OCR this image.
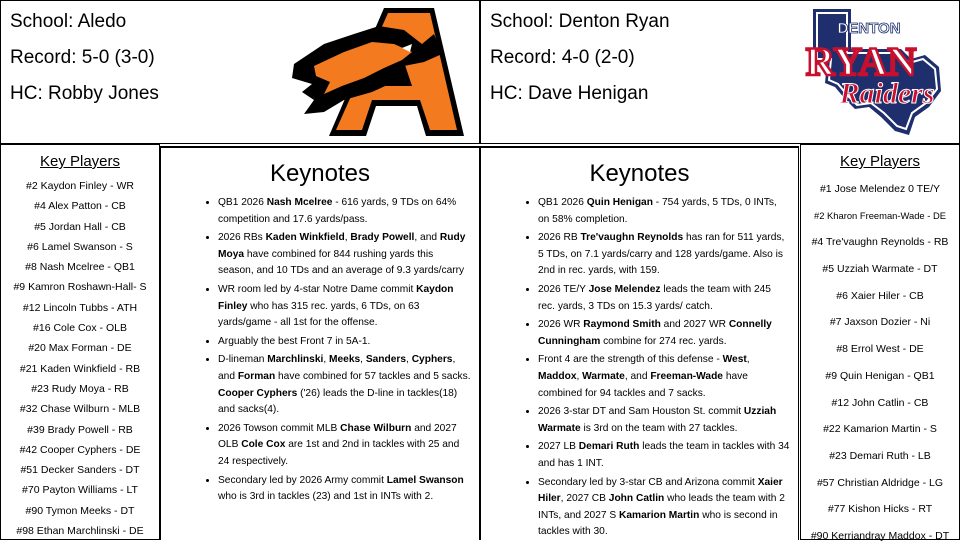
School: Aledo
Record: 5-0 (3-0)
HC: Robby Jones
School: Denton Ryan
Record: 4-0 (2-0)
HC: Dave Henigan
DENTON
RYAN
Raiders
Key Players
#2 Kaydon Finley - WR
#4 Alex Patton - CB
#5 Jordan Hall - CB
#6 Lamel Swanson - S
#8 Nash Mcelree - QB1
#9 Kamron Roshawn-Hall- S
#12 Lincoln Tubbs - ATH
#16 Cole Cox - OLB
#20 Max Forman - DE
#21 Kaden Winkfield - RB
#23 Rudy Moya - RB
#32 Chase Wilburn - MLB
#39 Brady Powell - RB
#42 Cooper Cyphers - DE
#51 Decker Sanders - DT
#70 Payton Williams - LT
#90 Tymon Meeks - DT
#98 Ethan Marchlinski - DE
Keynotes
• QB1 2026 Nash Mcelree - 616 yards, 9 TDs on 64% competition and 17.6 yards/pass.
• 2026 RBs Kaden Winkfield, Brady Powell, and Rudy Moya have combined for 844 rushing yards this season, and 10 TDs and an average of 9.3 yards/carry
• WR room led by 4-star Notre Dame commit Kaydon Finley who has 315 rec. yards, 6 TDs, on 63 yards/game - all 1st for the offense.
• Arguably the best Front 7 in 5A-1.
• D-lineman Marchlinski, Meeks, Sanders, Cyphers, and Forman have combined for 57 tackles and 5 sacks. Cooper Cyphers ('26) leads the D-line in tackles(18) and sacks(4).
• 2026 Towson commit MLB Chase Wilburn and 2027 OLB Cole Cox are 1st and 2nd in tackles with 25 and 24 respectively.
• Secondary led by 2026 Army commit Lamel Swanson who is 3rd in tackles (23) and 1st in INTs with 2.
Keynotes
• QB1 2026 Quin Henigan - 754 yards, 5 TDs, 0 INTs, on 58% completion.
• 2026 RB Tre'vaughn Reynolds has ran for 511 yards, 5 TDs, on 7.1 yards/carry and 128 yards/game. Also is 2nd in rec. yards, with 159.
• 2026 TE/Y Jose Melendez leads the team with 245 rec. yards, 3 TDs on 15.3 yards/ catch.
• 2026 WR Raymond Smith and 2027 WR Connelly Cunningham combine for 274 rec. yards.
• Front 4 are the strength of this defense - West, Maddox, Warmate, and Freeman-Wade have combined for 94 tackles and 7 sacks.
• 2026 3-star DT and Sam Houston St. commit Uzziah Warmate is 3rd on the team with 27 tackles.
• 2027 LB Demari Ruth leads the team in tackles with 34 and has 1 INT.
• Secondary led by 3-star CB and Arizona commit Xaier Hiler, 2027 CB John Catlin who leads the team with 2 INTs, and 2027 S Kamarion Martin who is second in tackles with 30.
Key Players
#1 Jose Melendez 0 TE/Y
#2 Kharon Freeman-Wade - DE
#4 Tre'vaughn Reynolds - RB
#5 Uzziah Warmate - DT
#6 Xaier Hiler - CB
#7 Jaxson Dozier - Ni
#8 Errol West - DE
#9 Quin Henigan - QB1
#12 John Catlin - CB
#22 Kamarion Martin - S
#23 Demari Ruth - LB
#57 Christian Aldridge - LG
#77 Kishon Hicks - RT
#90 Kerriandray Maddox - DT
